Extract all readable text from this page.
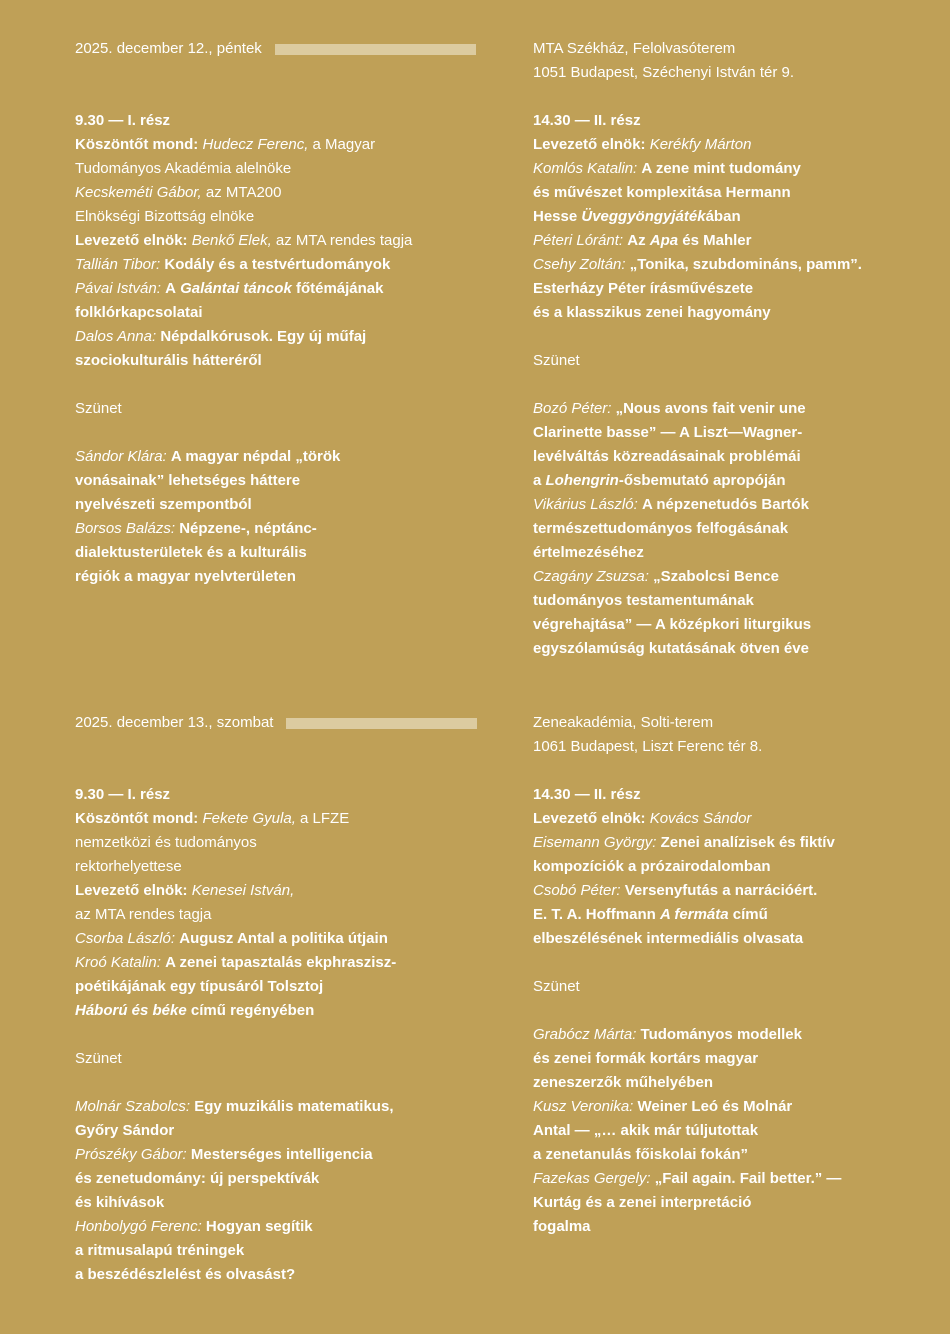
2025. december 12., péntek
9.30 — I. rész
Köszöntőt mond: Hudecz Ferenc, a Magyar
Tudományos Akadémia alelnöke
Kecskeméti Gábor, az MTA200
Elnökségi Bizottság elnöke
Levezető elnök: Benkő Elek, az MTA rendes tagja
Tallián Tibor: Kodály és a testvértudományok
Pávai István: A Galántai táncok főtémájának
folklórkapcsolatai
Dalos Anna: Népdalkórusok. Egy új műfaj
szociokulturális hátteréről
Szünet
Sándor Klára: A magyar népdal „török
vonásainak” lehetséges háttere
nyelvészeti szempontból
Borsos Balázs: Népzene-, néptánc-
dialektusterületek és a kulturális
régiók a magyar nyelvterületen
MTA Székház, Felolvasóterem
1051 Budapest, Széchenyi István tér 9.
14.30 — II. rész
Levezető elnök: Kerékfy Márton
Komlós Katalin: A zene mint tudomány
és művészet komplexitása Hermann
Hesse Üveggyöngyjátékában
Péteri Lóránt: Az Apa és Mahler
Csehy Zoltán: „Tonika, szubdomináns, pamm”.
Esterházy Péter írásművészete
és a klasszikus zenei hagyomány
Szünet
Bozó Péter: „Nous avons fait venir une
Clarinette basse” — A Liszt—Wagner-
levélváltás közreadásainak problémái
a Lohengrin-ősbemutató apropóján
Vikárius László: A népzenetudós Bartók
természettudományos felfogásának
értelmezéséhez
Czagány Zsuzsa: „Szabolcsi Bence
tudományos testamentumának
végrehajtása” — A középkori liturgikus
egyszólamúság kutatásának ötven éve
2025. december 13., szombat
9.30 — I. rész
Köszöntőt mond: Fekete Gyula, a LFZE
nemzetközi és tudományos
rektorhelyettese
Levezető elnök: Kenesei István,
az MTA rendes tagja
Csorba László: Augusz Antal a politika útjain
Kroó Katalin: A zenei tapasztalás ekphraszisz-
poétikájának egy típusáról Tolsztoj
Háború és béke című regényében
Szünet
Molnár Szabolcs: Egy muzikális matematikus,
Győry Sándor
Prószéky Gábor: Mesterséges intelligencia
és zenetudomány: új perspektívák
és kihívások
Honbolygó Ferenc: Hogyan segítik
a ritmusalapú tréningek
a beszédészlelést és olvasást?
Zeneakadémia, Solti-terem
1061 Budapest, Liszt Ferenc tér 8.
14.30 — II. rész
Levezető elnök: Kovács Sándor
Eisemann György: Zenei analízisek és fiktív
kompozíciók a prózairodalomban
Csobó Péter: Versenyfutás a narrációért.
E. T. A. Hoffmann A fermáta című
elbeszélésének intermediális olvasata
Szünet
Grabócz Márta: Tudományos modellek
és zenei formák kortárs magyar
zeneszerzők műhelyében
Kusz Veronika: Weiner Leó és Molnár
Antal — „… akik már túljutottak
a zenetanulás főiskolai fokán”
Fazekas Gergely: „Fail again. Fail better.” —
Kurtág és a zenei interpretáció
fogalma
